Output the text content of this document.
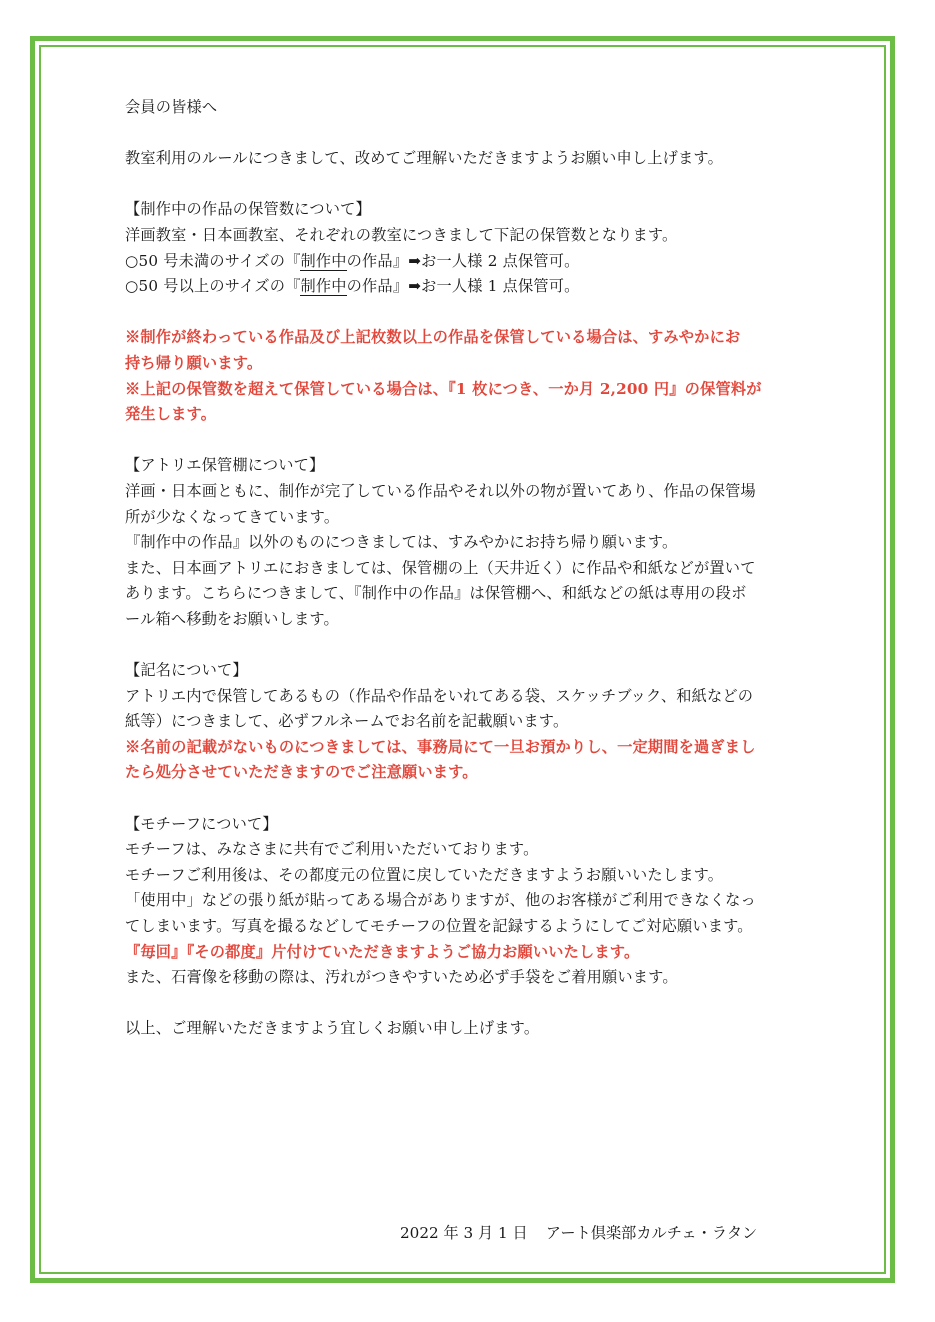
会員の皆様へ
教室利用のルールにつきまして、改めてご理解いただきますようお願い申し上げます。
【制作中の作品の保管数について】
洋画教室・日本画教室、それぞれの教室につきまして下記の保管数となります。
○50 号未満のサイズの『制作中の作品』➡お一人様 2 点保管可。
○50 号以上のサイズの『制作中の作品』➡お一人様 1 点保管可。
※制作が終わっている作品及び上記枚数以上の作品を保管している場合は、すみやかにお
持ち帰り願います。
※上記の保管数を超えて保管している場合は、『1 枚につき、一か月 2,200 円』の保管料が
発生します。
【アトリエ保管棚について】
洋画・日本画ともに、制作が完了している作品やそれ以外の物が置いてあり、作品の保管場
所が少なくなってきています。
『制作中の作品』以外のものにつきましては、すみやかにお持ち帰り願います。
また、日本画アトリエにおきましては、保管棚の上（天井近く）に作品や和紙などが置いて
あります。こちらにつきまして、『制作中の作品』は保管棚へ、和紙などの紙は専用の段ボ
ール箱へ移動をお願いします。
【記名について】
アトリエ内で保管してあるもの（作品や作品をいれてある袋、スケッチブック、和紙などの
紙等）につきまして、必ずフルネームでお名前を記載願います。
※名前の記載がないものにつきましては、事務局にて一旦お預かりし、一定期間を過ぎまし
たら処分させていただきますのでご注意願います。
【モチーフについて】
モチーフは、みなさまに共有でご利用いただいております。
モチーフご利用後は、その都度元の位置に戻していただきますようお願いいたします。
「使用中」などの張り紙が貼ってある場合がありますが、他のお客様がご利用できなくなっ
てしまいます。写真を撮るなどしてモチーフの位置を記録するようにしてご対応願います。
『毎回』『その都度』片付けていただきますようご協力お願いいたします。
また、石膏像を移動の際は、汚れがつきやすいため必ず手袋をご着用願います。
以上、ご理解いただきますよう宜しくお願い申し上げます。
2022 年 3 月 1 日 アート倶楽部カルチェ・ラタン
